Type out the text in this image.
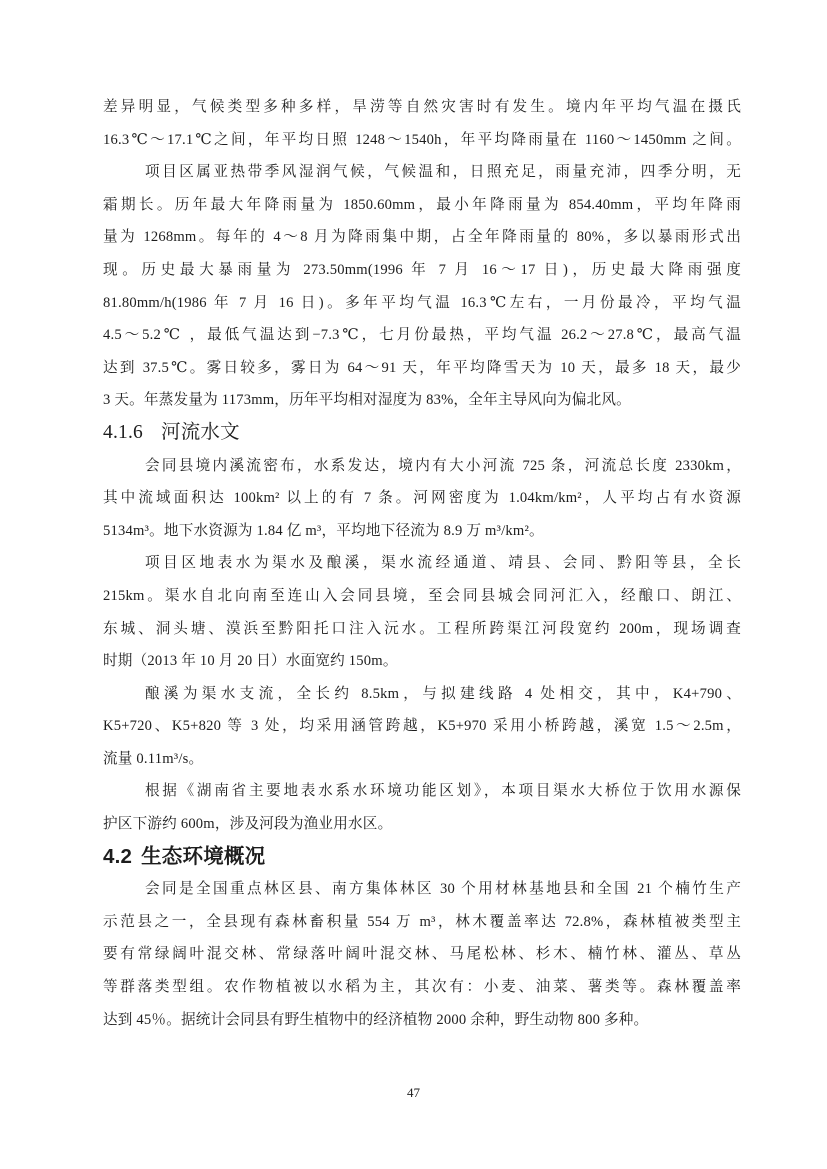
差异明显，气候类型多种多样，旱涝等自然灾害时有发生。境内年平均气温在摄氏
16.3℃～17.1℃之间，年平均日照 1248～1540h，年平均降雨量在 1160～1450mm 之间。
项目区属亚热带季风湿润气候，气候温和，日照充足，雨量充沛，四季分明，无
霜期长。历年最大年降雨量为 1850.60mm，最小年降雨量为 854.40mm，平均年降雨
量为 1268mm。每年的 4～8 月为降雨集中期，占全年降雨量的 80%，多以暴雨形式出
现。历史最大暴雨量为 273.50mm(1996 年 7 月 16～17 日)，历史最大降雨强度
81.80mm/h(1986 年 7 月 16 日)。多年平均气温 16.3℃左右，一月份最冷，平均气温
4.5～5.2℃ ，最低气温达到−7.3℃，七月份最热，平均气温 26.2～27.8℃，最高气温
达到 37.5℃。雾日较多，雾日为 64～91 天，年平均降雪天为 10 天，最多 18 天，最少
3 天。年蒸发量为 1173mm，历年平均相对湿度为 83%，全年主导风向为偏北风。
4.1.6 河流水文
会同县境内溪流密布，水系发达，境内有大小河流 725 条，河流总长度 2330km，
其中流域面积达 100km² 以上的有 7 条。河网密度为 1.04km/km²，人平均占有水资源
5134m³。地下水资源为 1.84 亿 m³，平均地下径流为 8.9 万 m³/km²。
项目区地表水为渠水及酿溪，渠水流经通道、靖县、会同、黔阳等县，全长
215km。渠水自北向南至连山入会同县境，至会同县城会同河汇入，经酿口、朗江、
东城、洞头塘、漠浜至黔阳托口注入沅水。工程所跨渠江河段宽约 200m，现场调查
时期（2013 年 10 月 20 日）水面宽约 150m。
酿溪为渠水支流，全长约 8.5km，与拟建线路 4 处相交，其中，K4+790、
K5+720、K5+820 等 3 处，均采用涵管跨越，K5+970 采用小桥跨越，溪宽 1.5～2.5m，
流量 0.11m³/s。
根据《湖南省主要地表水系水环境功能区划》，本项目渠水大桥位于饮用水源保
护区下游约 600m，涉及河段为渔业用水区。
4.2 生态环境概况
会同是全国重点林区县、南方集体林区 30 个用材林基地县和全国 21 个楠竹生产
示范县之一，全县现有森林畜积量 554 万 m³，林木覆盖率达 72.8%，森林植被类型主
要有常绿阔叶混交林、常绿落叶阔叶混交林、马尾松林、杉木、楠竹林、灌丛、草丛
等群落类型组。农作物植被以水稻为主，其次有：小麦、油菜、薯类等。森林覆盖率
达到 45％。据统计会同县有野生植物中的经济植物 2000 余种，野生动物 800 多种。
47
